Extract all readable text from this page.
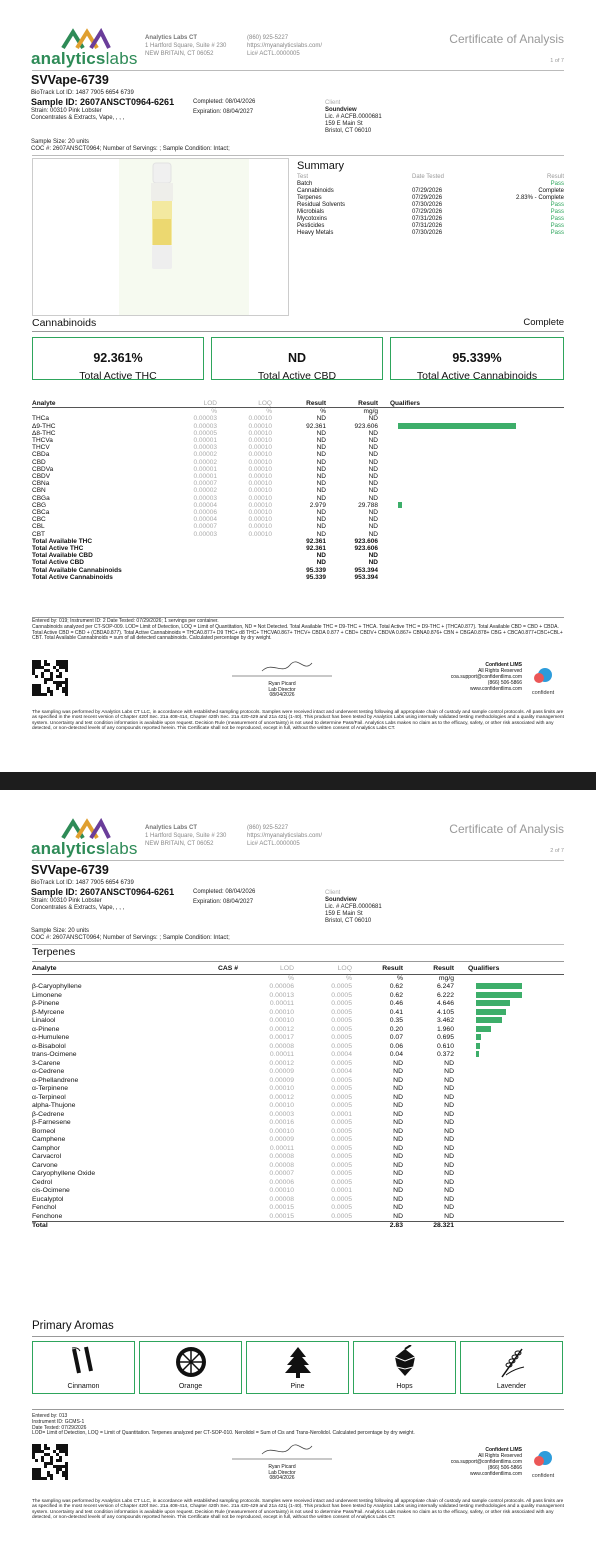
analyticslabs
Analytics Labs CT
1 Hartford Square, Suite # 230
NEW BRITAIN, CT 06052
(860) 925-5227
https://myanalyticslabs.com/
Lic# ACTL.0000005
Certificate of Analysis
1 of 7
SVVape-6739
BioTrack Lot ID: 1487 7905 6654 6739
Sample ID: 2607ANSCT0964-6261
Strain: 00310 Pink Lobster
Concentrates & Extracts, Vape, , , ,
Completed: 08/04/2026
Expiration: 08/04/2027
Client
Soundview
Lic. # ACFB.0000681
159 E Main St
Bristol, CT 06010
Sample Size: 20 units
COC #: 2607ANSCT0964; Number of Servings: ; Sample Condition: Intact;
Summary
Test	Date Tested	Result
Batch		Pass
Cannabinoids	07/29/2026	Complete
Terpenes	07/29/2026	2.83% - Complete
Residual Solvents	07/30/2026	Pass
Microbials	07/29/2026	Pass
Mycotoxins	07/31/2026	Pass
Pesticides	07/31/2026	Pass
Heavy Metals	07/30/2026	Pass
Cannabinoids	Complete
92.361%
Total Active THC
ND
Total Active CBD
95.339%
Total Active Cannabinoids
Analyte	LOD	LOQ	Result	Result	Qualifiers
	%	%	%	mg/g	
THCa	0.00003	0.00010	ND	ND	
Δ9-THC	0.00003	0.00010	92.361	923.606	
Δ8-THC	0.00005	0.00010	ND	ND	
THCVa	0.00001	0.00010	ND	ND	
THCV	0.00003	0.00010	ND	ND	
CBDa	0.00002	0.00010	ND	ND	
CBD	0.00002	0.00010	ND	ND	
CBDVa	0.00001	0.00010	ND	ND	
CBDV	0.00001	0.00010	ND	ND	
CBNa	0.00007	0.00010	ND	ND	
CBN	0.00002	0.00010	ND	ND	
CBGa	0.00003	0.00010	ND	ND	
CBG	0.00004	0.00010	2.979	29.788	
CBCa	0.00006	0.00010	ND	ND	
CBC	0.00004	0.00010	ND	ND	
CBL	0.00007	0.00010	ND	ND	
CBT	0.00003	0.00010	ND	ND	
Total Available THC			92.361	923.606	
Total Active THC			92.361	923.606	
Total Available CBD			ND	ND	
Total Active CBD			ND	ND	
Total Available Cannabinoids			95.339	953.394	
Total Active Cannabinoids			95.339	953.394	
Entered by: 019; Instrument ID: 2 Date Tested: 07/29/2026; 1 servings per container.
Cannabinoids analyzed per CT-SOP-009. LOD= Limit of Detection, LOQ = Limit of Quantitation, ND = Not Detected. Total Available THC = D9-THC + THCA. Total Active THC = D9-THC + (THCA0.877). Total Available CBD = CBD + CBDA. Total Active CBD = CBD + (CBDA0.877). Total Active Cannabinoids = THCA0.877+ D9 THC+ d8 THC+ THCVA0.867+ THCV+ CBDA 0.877 + CBD+ CBDV+ CBDVA 0.867+ CBNA0.876+ CBN + CBGA0.878+ CBG + CBCA0.877+CBC+CBL+ CBT. Total Available Cannabinoids = sum of all detected cannabinoids. Calculated percentage by dry weight.
Ryan Picard
Lab Director
08/04/2026
Confident LIMS
All Rights Reserved
coa.support@confidentlims.com
(866) 506-5866
www.confidentlims.com
confident
The sampling was performed by Analytics Labs CT LLC, in accordance with established sampling protocols. Samples were received intact and underwent testing following all appropriate chain of custody and sample control protocols. All pass limits are as specified in the most recent version of Chapter 420f Sec. 21a 408-414, Chapter 420h Sec. 21a 420-429 and 21a 421j (1-40). This product has been tested by Analytics Labs using internally validated testing methodologies and a quality management system. Uncertainty and test condition information is available upon request. Decision Rule (measurement of uncertainty) is not used to determine Pass/Fail. Analytics Labs makes no claim as to the efficacy, safety, or other risk associated with any detected, or non-detected levels of any compounds reported herein. This Certificate shall not be reproduced, except in full, without the written consent of Analytics Labs CT.
analyticslabs
Analytics Labs CT
1 Hartford Square, Suite # 230
NEW BRITAIN, CT 06052
(860) 925-5227
https://myanalyticslabs.com/
Lic# ACTL.0000005
Certificate of Analysis
2 of 7
SVVape-6739
BioTrack Lot ID: 1487 7905 6654 6739
Sample ID: 2607ANSCT0964-6261
Strain: 00310 Pink Lobster
Concentrates & Extracts, Vape, , , ,
Completed: 08/04/2026
Expiration: 08/04/2027
Client
Soundview
Lic. # ACFB.0000681
159 E Main St
Bristol, CT 06010
Sample Size: 20 units
COC #: 2607ANSCT0964; Number of Servings: ; Sample Condition: Intact;
Terpenes
Analyte	CAS #	LOD	LOQ	Result	Result	Qualifiers
		%	%	%	mg/g	
β-Caryophyllene		0.00006	0.0005	0.62	6.247	
Limonene		0.00013	0.0005	0.62	6.222	
β-Pinene		0.00011	0.0005	0.46	4.646	
β-Myrcene		0.00010	0.0005	0.41	4.105	
Linalool		0.00010	0.0005	0.35	3.462	
α-Pinene		0.00012	0.0005	0.20	1.960	
α-Humulene		0.00017	0.0005	0.07	0.695	
α-Bisabolol		0.00008	0.0005	0.06	0.610	
trans-Ocimene		0.00011	0.0004	0.04	0.372	
3-Carene		0.00012	0.0005	ND	ND	
α-Cedrene		0.00009	0.0004	ND	ND	
α-Phellandrene		0.00009	0.0005	ND	ND	
α-Terpinene		0.00010	0.0005	ND	ND	
α-Terpineol		0.00012	0.0005	ND	ND	
alpha-Thujone		0.00010	0.0005	ND	ND	
β-Cedrene		0.00003	0.0001	ND	ND	
β-Farnesene		0.00016	0.0005	ND	ND	
Borneol		0.00010	0.0005	ND	ND	
Camphene		0.00009	0.0005	ND	ND	
Camphor		0.00011	0.0005	ND	ND	
Carvacrol		0.00008	0.0005	ND	ND	
Carvone		0.00008	0.0005	ND	ND	
Caryophyllene Oxide		0.00007	0.0005	ND	ND	
Cedrol		0.00006	0.0005	ND	ND	
cis-Ocimene		0.00010	0.0001	ND	ND	
Eucalyptol		0.00008	0.0005	ND	ND	
Fenchol		0.00015	0.0005	ND	ND	
Fenchone		0.00015	0.0005	ND	ND	
Total				2.83	28.321	
Primary Aromas
Cinnamon	Orange	Pine	Hops	Lavender
Entered by: 013
Instrument ID: GCMS-1
Date Tested: 07/29/2026
LOD= Limit of Detection, LOQ = Limit of Quantitation. Terpenes analyzed per CT-SOP-010. Nerolidol = Sum of Cis and Trans-Nerolidol. Calculated percentage by dry weight.
Ryan Picard
Lab Director
08/04/2026
Confident LIMS
All Rights Reserved
coa.support@confidentlims.com
(866) 506-5866
www.confidentlims.com	confident
The sampling was performed by Analytics Labs CT LLC, in accordance with established sampling protocols. Samples were received intact and underwent testing following all appropriate chain of custody and sample control protocols. All pass limits are as specified in the most recent version of Chapter 420f Sec. 21a 408-414, Chapter 420h Sec. 21a 420-429 and 21a 421j (1-40). This product has been tested by Analytics Labs using internally validated testing methodologies and a quality management system. Uncertainty and test condition information is available upon request. Decision Rule (measurement of uncertainty) is not used to determine Pass/Fail. Analytics Labs makes no claim as to the efficacy, safety, or other risk associated with any detected, or non-detected levels of any compounds reported herein. This Certificate shall not be reproduced, except in full, without the written consent of Analytics Labs CT.
